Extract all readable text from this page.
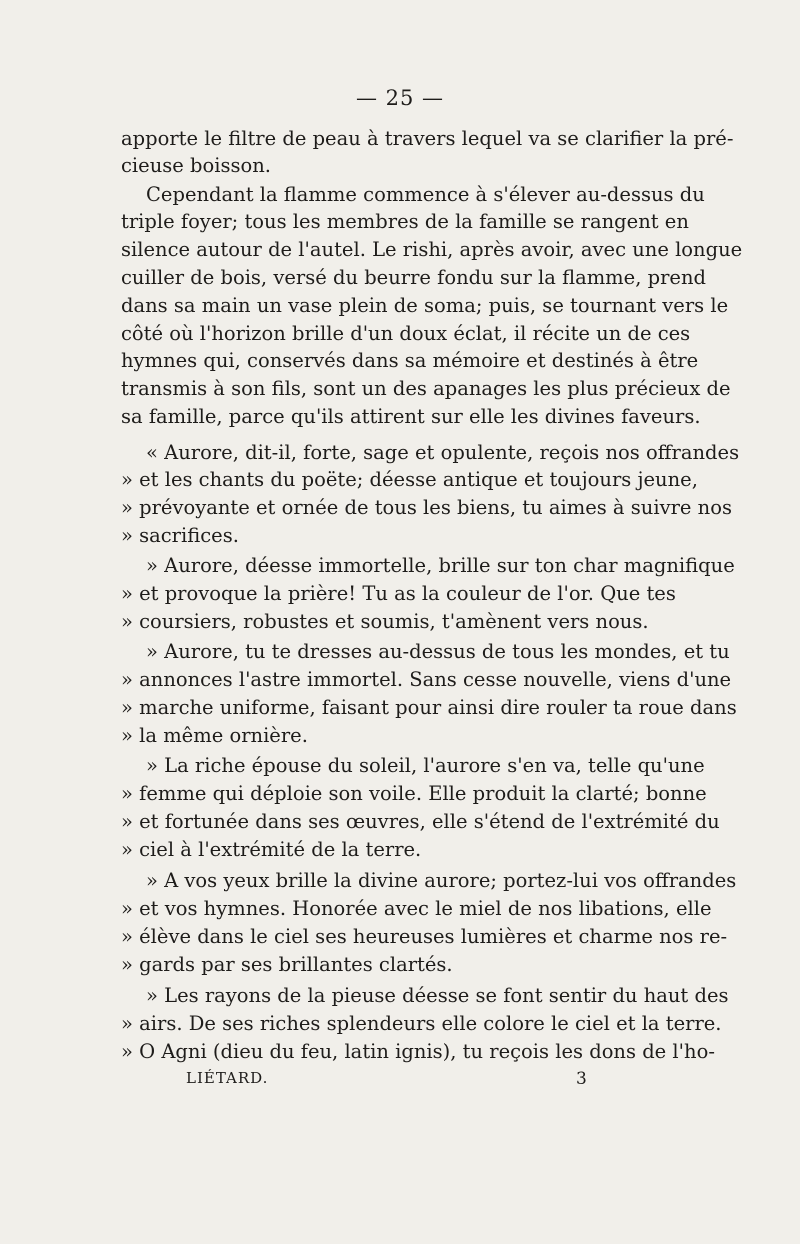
— 25 —
apporte le filtre de peau à travers lequel va se clarifier la pré-
cieuse boisson.
Cependant la flamme commence à s'élever au-dessus du
triple foyer; tous les membres de la famille se rangent en
silence autour de l'autel. Le rishi, après avoir, avec une longue
cuiller de bois, versé du beurre fondu sur la flamme, prend
dans sa main un vase plein de soma; puis, se tournant vers le
côté où l'horizon brille d'un doux éclat, il récite un de ces
hymnes qui, conservés dans sa mémoire et destinés à être
transmis à son fils, sont un des apanages les plus précieux de
sa famille, parce qu'ils attirent sur elle les divines faveurs.
« Aurore, dit-il, forte, sage et opulente, reçois nos offrandes
» et les chants du poëte; déesse antique et toujours jeune,
» prévoyante et ornée de tous les biens, tu aimes à suivre nos
» sacrifices.
» Aurore, déesse immortelle, brille sur ton char magnifique
» et provoque la prière! Tu as la couleur de l'or. Que tes
» coursiers, robustes et soumis, t'amènent vers nous.
» Aurore, tu te dresses au-dessus de tous les mondes, et tu
» annonces l'astre immortel. Sans cesse nouvelle, viens d'une
» marche uniforme, faisant pour ainsi dire rouler ta roue dans
» la même ornière.
» La riche épouse du soleil, l'aurore s'en va, telle qu'une
» femme qui déploie son voile. Elle produit la clarté; bonne
» et fortunée dans ses œuvres, elle s'étend de l'extrémité du
» ciel à l'extrémité de la terre.
» A vos yeux brille la divine aurore; portez-lui vos offrandes
» et vos hymnes. Honorée avec le miel de nos libations, elle
» élève dans le ciel ses heureuses lumières et charme nos re-
» gards par ses brillantes clartés.
» Les rayons de la pieuse déesse se font sentir du haut des
» airs. De ses riches splendeurs elle colore le ciel et la terre.
» O Agni (dieu du feu, latin ignis), tu reçois les dons de l'ho-
LIÉTARD.	3
